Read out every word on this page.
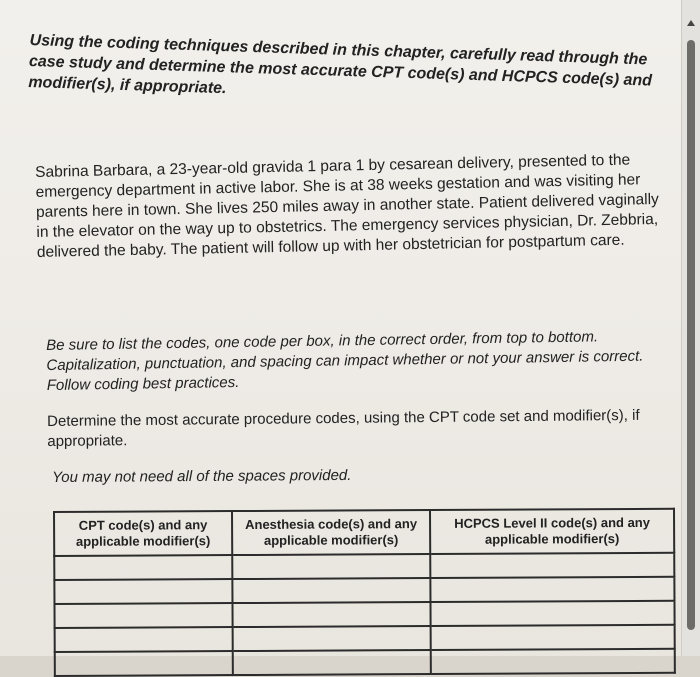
Using the coding techniques described in this chapter, carefully read through the case study and determine the most accurate CPT code(s) and HCPCS code(s) and modifier(s), if appropriate.

Sabrina Barbara, a 23-year-old gravida 1 para 1 by cesarean delivery, presented to the emergency department in active labor. She is at 38 weeks gestation and was visiting her parents here in town. She lives 250 miles away in another state. Patient delivered vaginally in the elevator on the way up to obstetrics. The emergency services physician, Dr. Zebbria, delivered the baby. The patient will follow up with her obstetrician for postpartum care.

Be sure to list the codes, one code per box, in the correct order, from top to bottom. Capitalization, punctuation, and spacing can impact whether or not your answer is correct. Follow coding best practices.

Determine the most accurate procedure codes, using the CPT code set and modifier(s), if appropriate.

You may not need all of the spaces provided.

CPT code(s) and any applicable modifier(s)	Anesthesia code(s) and any applicable modifier(s)	HCPCS Level II code(s) and any applicable modifier(s)
